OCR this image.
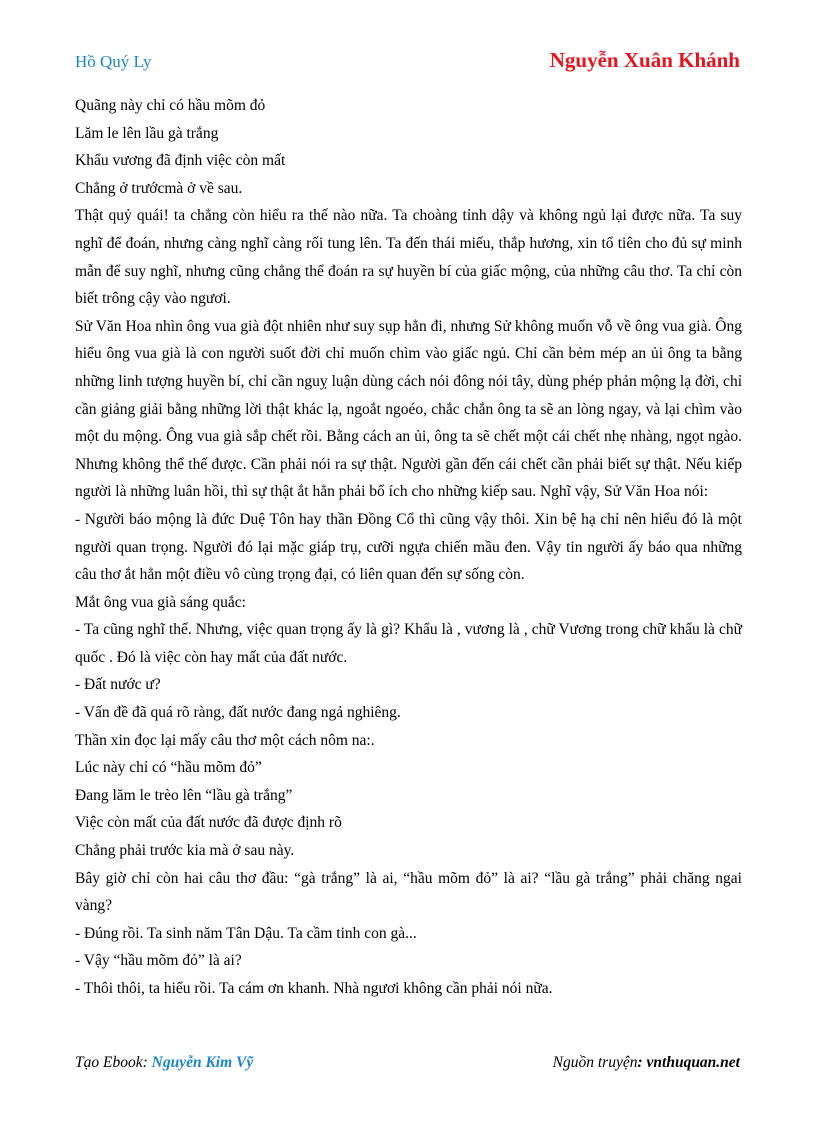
Hồ Quý Ly	Nguyễn Xuân Khánh

Quãng này chỉ có hầu mõm đỏ

Lăm le lên lầu gà trắng

Khẩu vương đã định việc còn mất

Chẳng ở trướcmà ở về sau.

Thật quỷ quái! ta chẳng còn hiểu ra thế nào nữa. Ta choàng tỉnh dậy và không ngủ lại được nữa. Ta suy nghĩ để đoán, nhưng càng nghĩ càng rối tung lên. Ta đến thái miếu, thắp hương, xin tổ tiên cho đủ sự minh mẫn để suy nghĩ, nhưng cũng chẳng thể đoán ra sự huyền bí của giấc mộng, của những câu thơ. Ta chỉ còn biết trông cậy vào ngươi.

Sử Văn Hoa nhìn ông vua già đột nhiên như suy sụp hẳn đi, nhưng Sử không muốn vỗ về ông vua già. Ông hiểu ông vua già là con người suốt đời chỉ muốn chìm vào giấc ngủ. Chỉ cần bẻm mép an ủi ông ta bằng những linh tượng huyền bí, chỉ cần nguỵ luận dùng cách nói đông nói tây, dùng phép phản mộng lạ đời, chỉ cần giảng giải bằng những lời thật khác lạ, ngoắt ngoéo, chắc chắn ông ta sẽ an lòng ngay, và lại chìm vào một du mộng. Ông vua già sắp chết rồi. Bằng cách an ủi, ông ta sẽ chết một cái chết nhẹ nhàng, ngọt ngào. Nhưng không thể thế được. Cần phải nói ra sự thật. Người gần đến cái chết cần phải biết sự thật. Nếu kiếp người là những luân hồi, thì sự thật ắt hẳn phải bổ ích cho những kiếp sau. Nghĩ vậy, Sử Văn Hoa nói:

- Người báo mộng là đức Duệ Tôn hay thần Đồng Cổ thì cũng vậy thôi. Xin bệ hạ chỉ nên hiểu đó là một người quan trọng. Người đó lại mặc giáp trụ, cưỡi ngựa chiến mầu đen. Vậy tin người ấy báo qua những câu thơ ắt hẳn một điều vô cùng trọng đại, có liên quan đến sự sống còn.

Mắt ông vua già sáng quắc:

- Ta cũng nghĩ thế. Nhưng, việc quan trọng ấy là gì? Khẩu là , vương là , chữ Vương trong chữ khẩu là chữ quốc . Đó là việc còn hay mất của đất nước.

- Đất nước ư?

- Vấn đề đã quá rõ ràng, đất nước đang ngả nghiêng.

Thần xin đọc lại mấy câu thơ một cách nôm na:.

Lúc này chỉ có “hầu mõm đỏ”

Đang lăm le trèo lên “lầu gà trắng”

Việc còn mất của đất nước đã được định rõ

Chẳng phải trước kia mà ở sau này.

Bây giờ chỉ còn hai câu thơ đầu: “gà trắng” là ai, “hầu mõm đỏ” là ai? “lầu gà trắng” phải chăng ngai vàng?

- Đúng rồi. Ta sinh năm Tân Dậu. Ta cầm tinh con gà...

- Vậy “hầu mõm đỏ” là ai?

- Thôi thôi, ta hiểu rồi. Ta cám ơn khanh. Nhà ngươi không cần phải nói nữa.

Tạo Ebook: Nguyễn Kim Vỹ	Nguồn truyện: vnthuquan.net
